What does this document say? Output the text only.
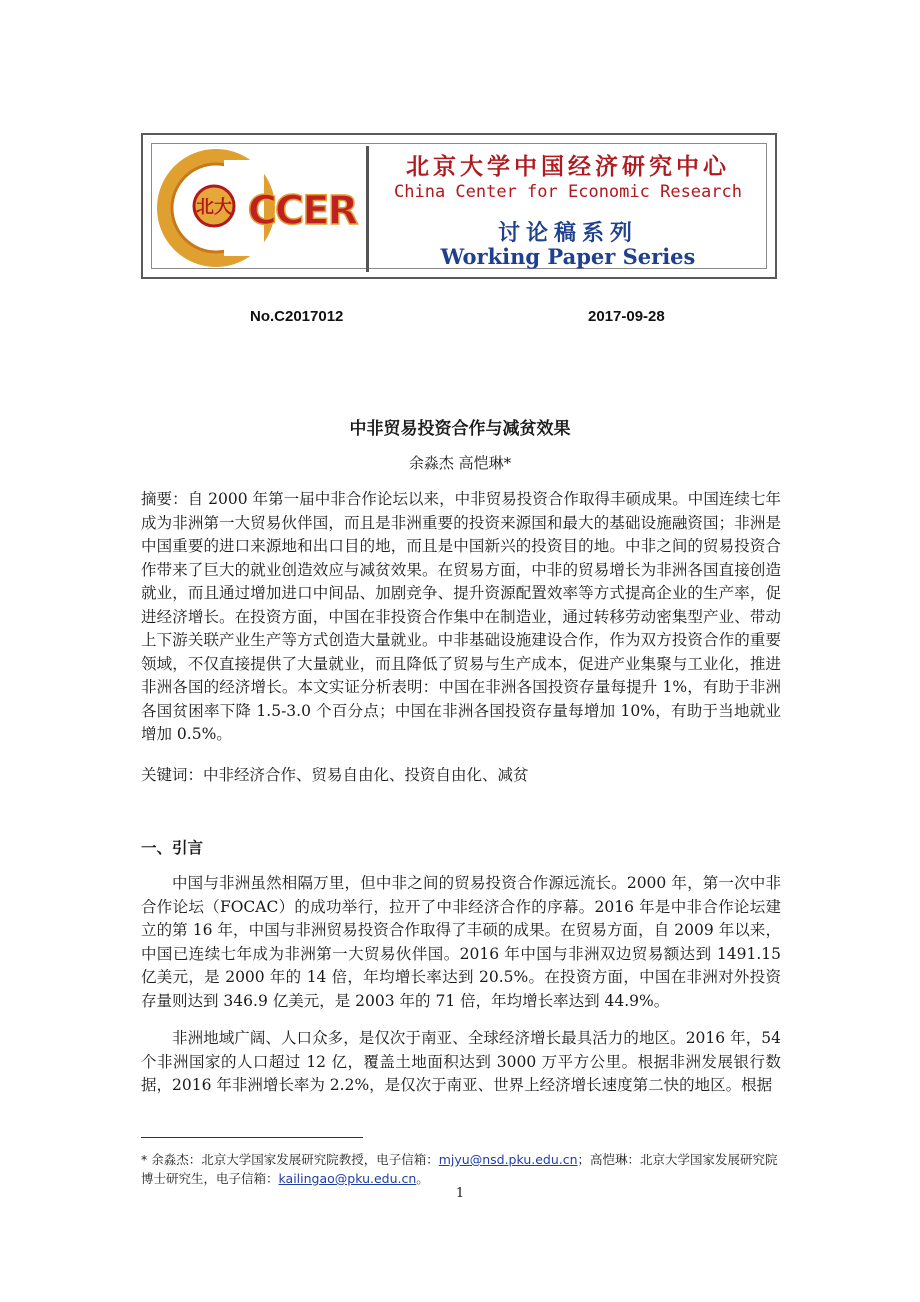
北大 CCER
北京大学中国经济研究中心
China Center for Economic Research
讨论稿系列
Working Paper Series
No.C2017012	2017-09-28
中非贸易投资合作与减贫效果
余淼杰 高恺琳*

摘要：自 2000 年第一届中非合作论坛以来，中非贸易投资合作取得丰硕成果。中国连续七年成为非洲第一大贸易伙伴国，而且是非洲重要的投资来源国和最大的基础设施融资国；非洲是中国重要的进口来源地和出口目的地，而且是中国新兴的投资目的地。中非之间的贸易投资合作带来了巨大的就业创造效应与减贫效果。在贸易方面，中非的贸易增长为非洲各国直接创造就业，而且通过增加进口中间品、加剧竞争、提升资源配置效率等方式提高企业的生产率，促进经济增长。在投资方面，中国在非投资合作集中在制造业，通过转移劳动密集型产业、带动上下游关联产业生产等方式创造大量就业。中非基础设施建设合作，作为双方投资合作的重要领域，不仅直接提供了大量就业，而且降低了贸易与生产成本，促进产业集聚与工业化，推进非洲各国的经济增长。本文实证分析表明：中国在非洲各国投资存量每提升 1%，有助于非洲各国贫困率下降 1.5-3.0 个百分点；中国在非洲各国投资存量每增加 10%，有助于当地就业增加 0.5%。

关键词：中非经济合作、贸易自由化、投资自由化、减贫

一、引言

中国与非洲虽然相隔万里，但中非之间的贸易投资合作源远流长。2000 年，第一次中非合作论坛（FOCAC）的成功举行，拉开了中非经济合作的序幕。2016 年是中非合作论坛建立的第 16 年，中国与非洲贸易投资合作取得了丰硕的成果。在贸易方面，自 2009 年以来，中国已连续七年成为非洲第一大贸易伙伴国。2016 年中国与非洲双边贸易额达到 1491.15 亿美元，是 2000 年的 14 倍，年均增长率达到 20.5%。在投资方面，中国在非洲对外投资存量则达到 346.9 亿美元，是 2003 年的 71 倍，年均增长率达到 44.9%。

非洲地域广阔、人口众多，是仅次于南亚、全球经济增长最具活力的地区。2016 年，54 个非洲国家的人口超过 12 亿，覆盖土地面积达到 3000 万平方公里。根据非洲发展银行数据，2016 年非洲增长率为 2.2%，是仅次于南亚、世界上经济增长速度第二快的地区。根据

* 余淼杰：北京大学国家发展研究院教授，电子信箱：mjyu@nsd.pku.edu.cn；高恺琳：北京大学国家发展研究院博士研究生，电子信箱：kailingao@pku.edu.cn。
1
